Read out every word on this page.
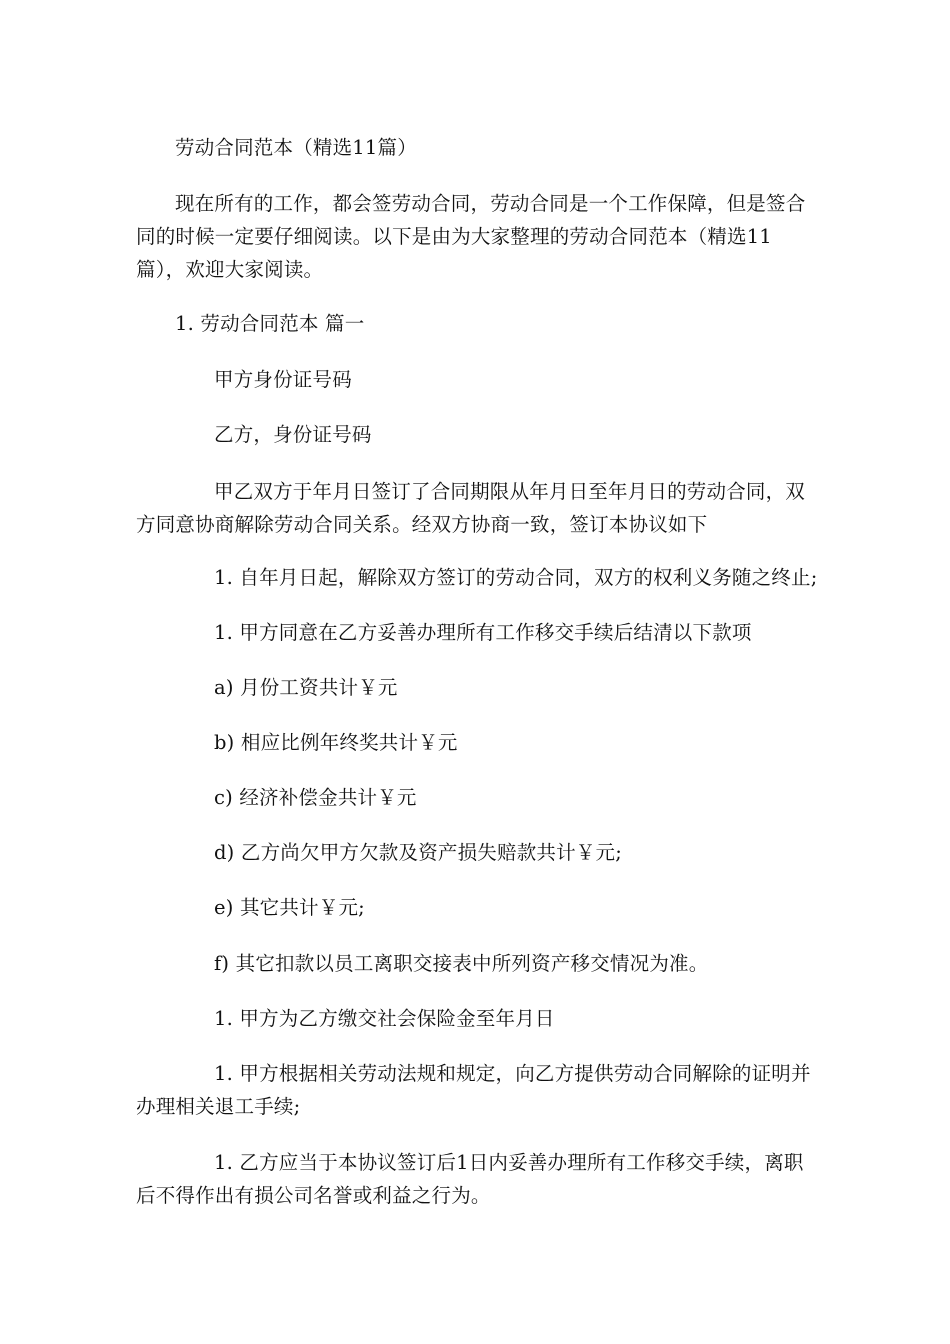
劳动合同范本（精选11篇）
现在所有的工作，都会签劳动合同，劳动合同是一个工作保障，但是签合同的时候一定要仔细阅读。以下是由为大家整理的劳动合同范本（精选11篇），欢迎大家阅读。
1. 劳动合同范本 篇一
甲方身份证号码
乙方，身份证号码
甲乙双方于年月日签订了合同期限从年月日至年月日的劳动合同，双方同意协商解除劳动合同关系。经双方协商一致，签订本协议如下
1. 自年月日起，解除双方签订的劳动合同，双方的权利义务随之终止;
1. 甲方同意在乙方妥善办理所有工作移交手续后结清以下款项
a) 月份工资共计￥元
b) 相应比例年终奖共计￥元
c) 经济补偿金共计￥元
d) 乙方尚欠甲方欠款及资产损失赔款共计￥元;
e) 其它共计￥元;
f) 其它扣款以员工离职交接表中所列资产移交情况为准。
1. 甲方为乙方缴交社会保险金至年月日
1. 甲方根据相关劳动法规和规定，向乙方提供劳动合同解除的证明并办理相关退工手续;
1. 乙方应当于本协议签订后1日内妥善办理所有工作移交手续，离职后不得作出有损公司名誉或利益之行为。
